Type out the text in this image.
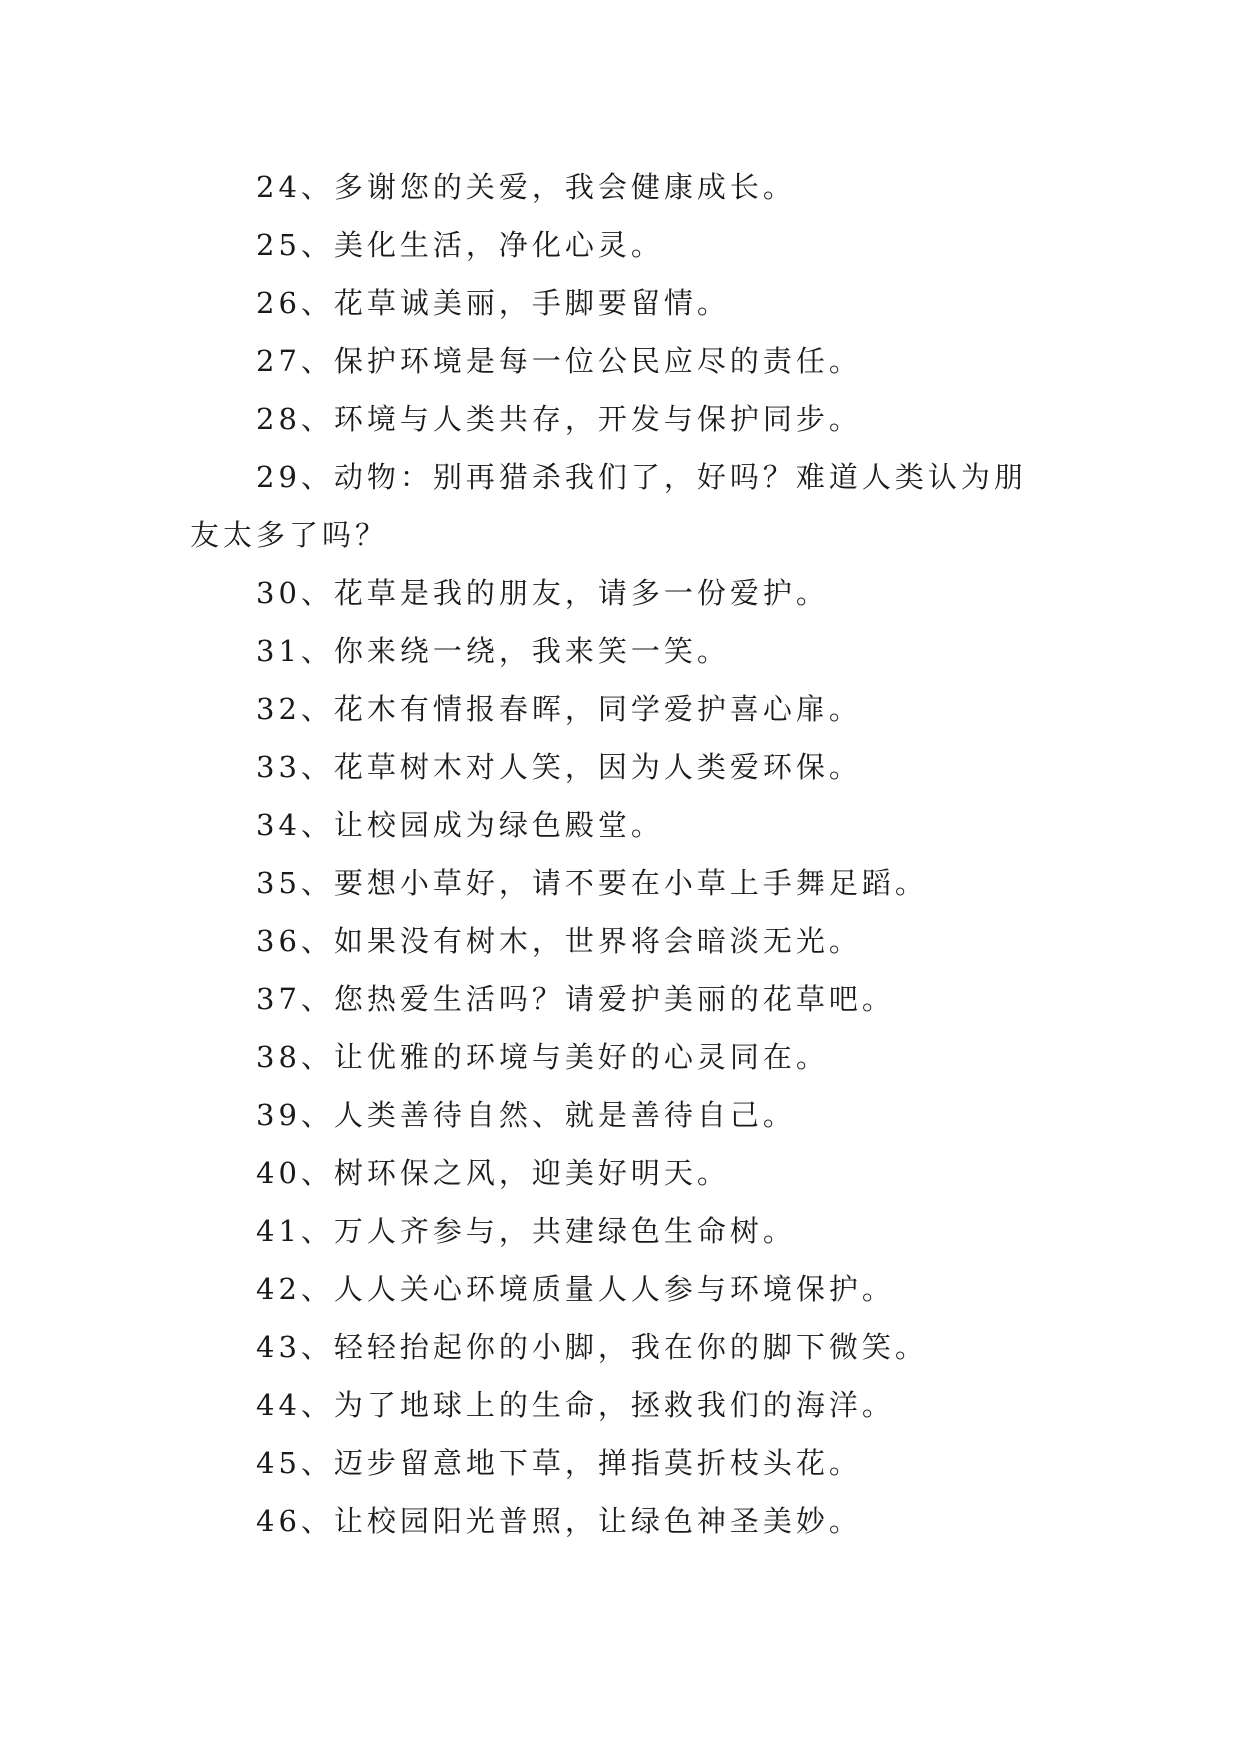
24、多谢您的关爱，我会健康成长。

25、美化生活，净化心灵。

26、花草诚美丽，手脚要留情。

27、保护环境是每一位公民应尽的责任。

28、环境与人类共存，开发与保护同步。

29、动物：别再猎杀我们了，好吗？难道人类认为朋友太多了吗？

30、花草是我的朋友，请多一份爱护。

31、你来绕一绕，我来笑一笑。

32、花木有情报春晖，同学爱护喜心扉。

33、花草树木对人笑，因为人类爱环保。

34、让校园成为绿色殿堂。

35、要想小草好，请不要在小草上手舞足蹈。

36、如果没有树木，世界将会暗淡无光。

37、您热爱生活吗？请爱护美丽的花草吧。

38、让优雅的环境与美好的心灵同在。

39、人类善待自然、就是善待自己。

40、树环保之风，迎美好明天。

41、万人齐参与，共建绿色生命树。

42、人人关心环境质量人人参与环境保护。

43、轻轻抬起你的小脚，我在你的脚下微笑。

44、为了地球上的生命，拯救我们的海洋。

45、迈步留意地下草，掸指莫折枝头花。

46、让校园阳光普照，让绿色神圣美妙。
